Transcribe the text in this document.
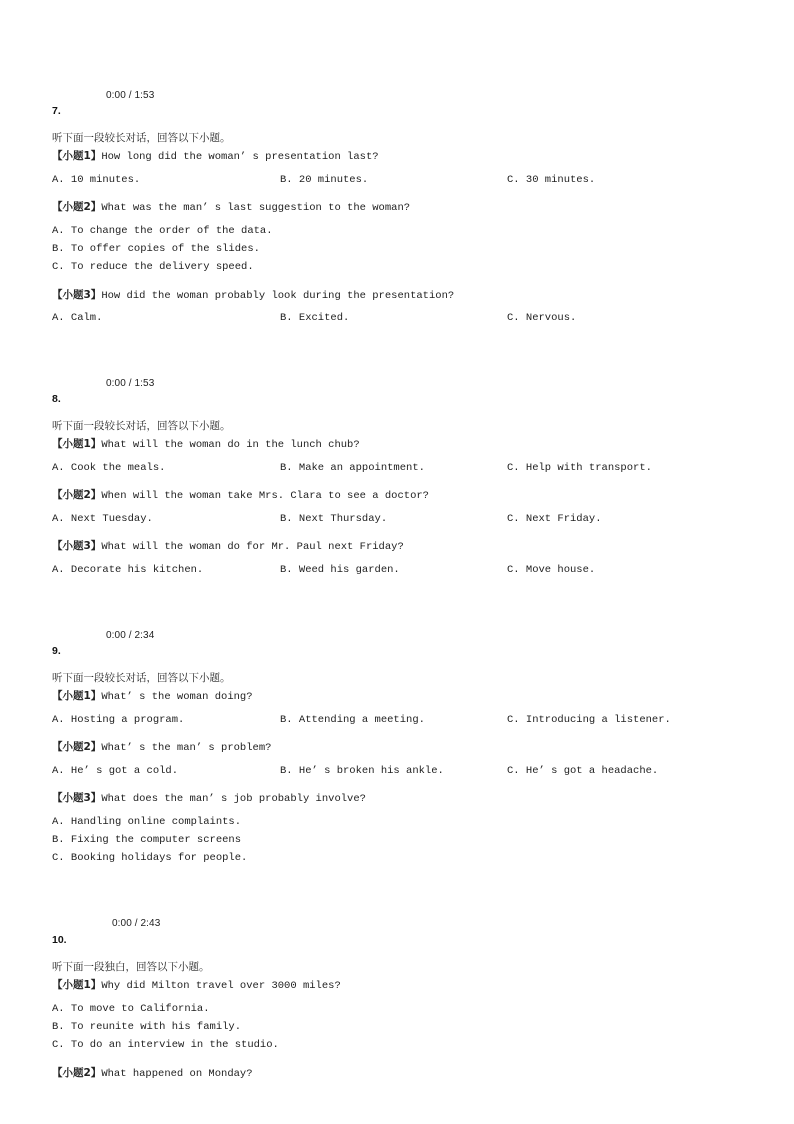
0:00 / 1:53
7.
听下面一段较长对话，回答以下小题。
【小题1】How long did the woman’ s presentation last?
A. 10 minutes.	B. 20 minutes.	C. 30 minutes.
【小题2】What was the man’ s last suggestion to the woman?
A. To change the order of the data.
B. To offer copies of the slides.
C. To reduce the delivery speed.
【小题3】How did the woman probably look during the presentation?
A. Calm.	B. Excited.	C. Nervous.
0:00 / 1:53
8.
听下面一段较长对话，回答以下小题。
【小题1】What will the woman do in the lunch chub?
A. Cook the meals.	B. Make an appointment.	C. Help with transport.
【小题2】When will the woman take Mrs. Clara to see a doctor?
A. Next Tuesday.	B. Next Thursday.	C. Next Friday.
【小题3】What will the woman do for Mr. Paul next Friday?
A. Decorate his kitchen.	B. Weed his garden.	C. Move house.
0:00 / 2:34
9.
听下面一段较长对话，回答以下小题。
【小题1】What’ s the woman doing?
A. Hosting a program.	B. Attending a meeting.	C. Introducing a listener.
【小题2】What’ s the man’ s problem?
A. He’ s got a cold.	B. He’ s broken his ankle.	C. He’ s got a headache.
【小题3】What does the man’ s job probably involve?
A. Handling online complaints.
B. Fixing the computer screens
C. Booking holidays for people.
0:00 / 2:43
10.
听下面一段独白，回答以下小题。
【小题1】Why did Milton travel over 3000 miles?
A. To move to California.
B. To reunite with his family.
C. To do an interview in the studio.
【小题2】What happened on Monday?
